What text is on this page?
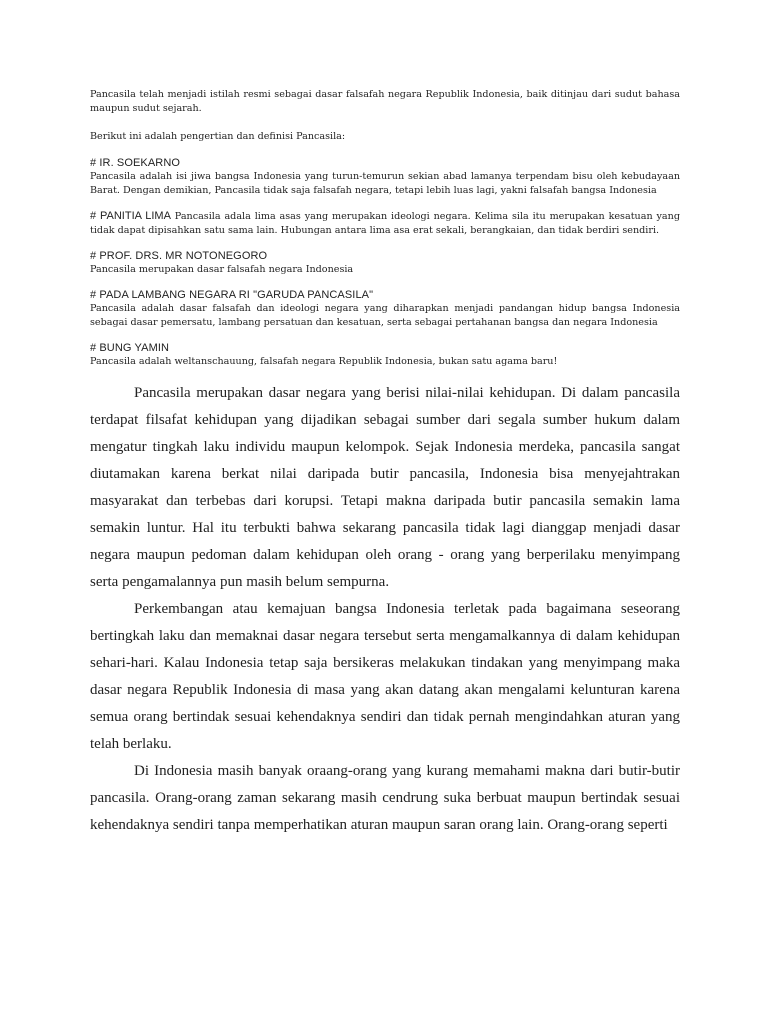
Pancasila telah menjadi istilah resmi sebagai dasar falsafah negara Republik Indonesia, baik ditinjau dari sudut bahasa maupun sudut sejarah.

Berikut ini adalah pengertian dan definisi Pancasila:

# IR. SOEKARNO

Pancasila adalah isi jiwa bangsa Indonesia yang turun-temurun sekian abad lamanya terpendam bisu oleh kebudayaan Barat. Dengan demikian, Pancasila tidak saja falsafah negara, tetapi lebih luas lagi, yakni falsafah bangsa Indonesia

# PANITIA LIMA Pancasila adala lima asas yang merupakan ideologi negara. Kelima sila itu merupakan kesatuan yang tidak dapat dipisahkan satu sama lain. Hubungan antara lima asa erat sekali, berangkaian, dan tidak berdiri sendiri.

# PROF. DRS. MR NOTONEGORO

Pancasila merupakan dasar falsafah negara Indonesia

# PADA LAMBANG NEGARA RI "GARUDA PANCASILA"

Pancasila adalah dasar falsafah dan ideologi negara yang diharapkan menjadi pandangan hidup bangsa Indonesia sebagai dasar pemersatu, lambang persatuan dan kesatuan, serta sebagai pertahanan bangsa dan negara Indonesia

# BUNG YAMIN

Pancasila adalah weltanschauung, falsafah negara Republik Indonesia, bukan satu agama baru!

Pancasila merupakan dasar negara yang berisi nilai-nilai kehidupan. Di dalam pancasila terdapat filsafat kehidupan yang dijadikan sebagai sumber dari segala sumber hukum dalam mengatur tingkah laku individu maupun kelompok. Sejak Indonesia merdeka, pancasila sangat diutamakan karena berkat nilai daripada butir pancasila, Indonesia bisa menyejahtrakan masyarakat dan terbebas dari korupsi. Tetapi makna daripada butir pancasila semakin lama semakin luntur. Hal itu terbukti bahwa sekarang pancasila tidak lagi dianggap menjadi dasar negara maupun pedoman dalam kehidupan oleh orang - orang yang berperilaku menyimpang serta pengamalannya pun masih belum sempurna.

Perkembangan atau kemajuan bangsa Indonesia terletak pada bagaimana seseorang bertingkah laku dan memaknai dasar negara tersebut serta mengamalkannya di dalam kehidupan sehari-hari. Kalau Indonesia tetap saja bersikeras melakukan tindakan yang menyimpang maka dasar negara Republik Indonesia di masa yang akan datang akan mengalami kelunturan karena semua orang bertindak sesuai kehendaknya sendiri dan tidak pernah mengindahkan aturan yang telah berlaku.

Di Indonesia masih banyak oraang-orang yang kurang memahami makna dari butir-butir pancasila. Orang-orang zaman sekarang masih cendrung suka berbuat maupun bertindak sesuai kehendaknya sendiri tanpa memperhatikan aturan maupun saran orang lain. Orang-orang seperti
